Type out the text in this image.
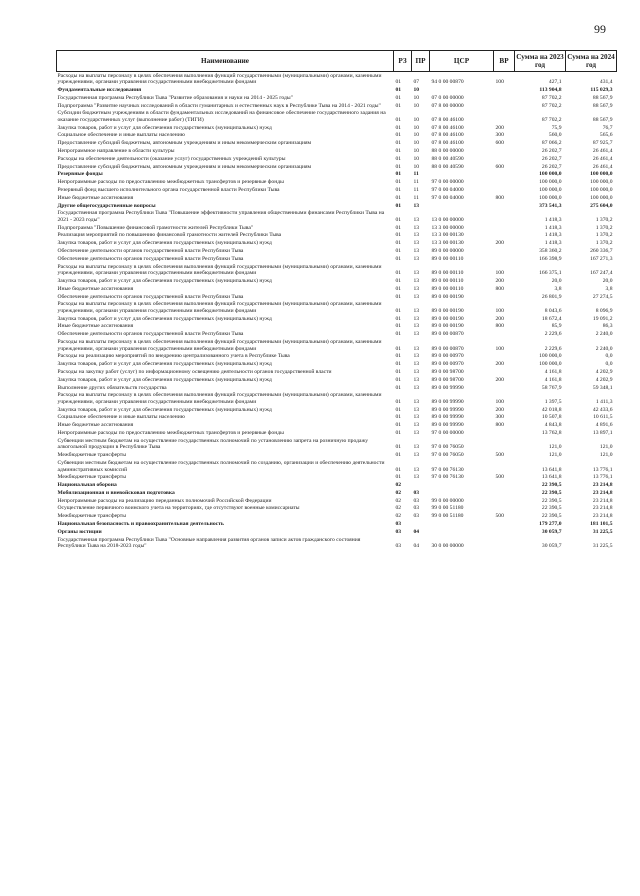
99
Наименование	РЗ	ПР	ЦСР	ВР	Сумма на 2023 год	Сумма на 2024 год
Расходы на выплаты персоналу в целях обеспечения выполнения функций государственными (муниципальными) органами, казенными учреждениями, органами управления государственными внебюджетными фондами	01	07	94 0 00 00870	100	427,1	431,4
Фундаментальные исследования	01	10			113 904,8	115 029,3
Государственная программа Республики Тыва "Развитие образования и науки на 2014 - 2025 годы"	01	10	07 0 00 00000		87 702,2	88 567,9
Подпрограмма "Развитие научных исследований в области гуманитарных и естественных наук в Республике Тыва на 2014 - 2021 годы"	01	10	07 8 00 00000		87 702,2	88 567,9
Субсидии бюджетным учреждениям в области фундаментальных исследований на финансовое обеспечение государственного задания на оказание государственных услуг (выполнение работ) (ТИГИ)	01	10	07 8 00 46100		87 702,2	88 567,9
Закупка товаров, работ и услуг для обеспечения государственных (муниципальных) нужд	01	10	07 8 00 46100	200	75,9	76,7
Социальное обеспечение и иные выплаты населению	01	10	07 8 00 46100	300	560,0	565,6
Предоставление субсидий бюджетным, автономным учреждениям и иным некоммерческим организациям	01	10	07 8 00 46100	600	87 066,2	87 925,7
Непрограммное направление в области культуры	01	10	88 0 00 00000		26 202,7	26 461,4
Расходы на обеспечение деятельности (оказание услуг) государственных учреждений культуры	01	10	88 0 00 40590		26 202,7	26 461,4
Предоставление субсидий бюджетным, автономным учреждениям и иным некоммерческим организациям	01	10	88 0 00 40590	600	26 202,7	26 461,4
Резервные фонды	01	11			100 000,0	100 000,0
Непрограммные расходы по предоставлению межбюджетных трансфертов и резервные фонды	01	11	97 0 00 00000		100 000,0	100 000,0
Резервный фонд высшего исполнительного органа государственной власти Республики Тыва	01	11	97 0 00 04000		100 000,0	100 000,0
Иные бюджетные ассигнования	01	11	97 0 00 04000	800	100 000,0	100 000,0
Другие общегосударственные вопросы	01	13			373 541,3	275 604,0
Государственная программа Республики Тыва "Повышение эффективности управления общественными финансами Республики Тыва на 2021 - 2023 годы"	01	13	13 0 00 00000		1 418,3	1 370,2
Подпрограмма "Повышение финансовой грамотности жителей Республики Тыва"	01	13	13 3 00 00000		1 418,3	1 370,2
Реализация мероприятий по повышению финансовой грамотности жителей Республики Тыва	01	13	13 3 00 00130		1 418,3	1 370,2
Закупка товаров, работ и услуг для обеспечения государственных (муниципальных) нужд	01	13	13 3 00 00130	200	1 418,3	1 370,2
Обеспечение деятельности органов государственной власти Республики Тыва	01	13	89 0 00 00000		358 360,2	260 336,7
Обеспечение деятельности органов государственной власти Республики Тыва	01	13	89 0 00 00110		166 398,9	167 271,3
Расходы на выплаты персоналу в целях обеспечения выполнения функций государственными (муниципальными) органами, казенными учреждениями, органами управления государственными внебюджетными фондами	01	13	89 0 00 00110	100	166 375,1	167 247,4
Закупка товаров, работ и услуг для обеспечения государственных (муниципальных) нужд	01	13	89 0 00 00110	200	20,0	20,0
Иные бюджетные ассигнования	01	13	89 0 00 00110	800	3,8	3,8
Обеспечение деятельности органов государственной власти Республики Тыва	01	13	89 0 00 00190		26 801,9	27 274,5
Расходы на выплаты персоналу в целях обеспечения выполнения функций государственными (муниципальными) органами, казенными учреждениями, органами управления государственными внебюджетными фондами	01	13	89 0 00 00190	100	8 043,6	8 096,9
Закупка товаров, работ и услуг для обеспечения государственных (муниципальных) нужд	01	13	89 0 00 00190	200	18 672,4	19 091,2
Иные бюджетные ассигнования	01	13	89 0 00 00190	800	85,9	86,3
Обеспечение деятельности органов государственной власти Республики Тыва	01	13	89 0 00 00870		2 229,6	2 240,0
Расходы на выплаты персоналу в целях обеспечения выполнения функций государственными (муниципальными) органами, казенными учреждениями, органами управления государственными внебюджетными фондами	01	13	89 0 00 00870	100	2 229,6	2 240,0
Расходы на реализацию мероприятий по внедрению централизованного учета в Республике Тыва	01	13	89 0 00 00970		100 000,0	0,0
Закупка товаров, работ и услуг для обеспечения государственных (муниципальных) нужд	01	13	89 0 00 00970	200	100 000,0	0,0
Расходы на закупку работ (услуг) по информационному освещению деятельности органов государственной власти	01	13	89 0 00 98700		4 161,8	4 202,9
Закупка товаров, работ и услуг для обеспечения государственных (муниципальных) нужд	01	13	89 0 00 98700	200	4 161,8	4 202,9
Выполнение других обязательств государства	01	13	89 0 00 99990		58 767,9	59 348,1
Расходы на выплаты персоналу в целях обеспечения выполнения функций государственными (муниципальными) органами, казенными учреждениями, органами управления государственными внебюджетными фондами	01	13	89 0 00 99990	100	1 397,5	1 411,3
Закупка товаров, работ и услуг для обеспечения государственных (муниципальных) нужд	01	13	89 0 00 99990	200	42 018,8	42 433,6
Социальное обеспечение и иные выплаты населению	01	13	89 0 00 99990	300	10 507,8	10 611,5
Иные бюджетные ассигнования	01	13	89 0 00 99990	800	4 843,8	4 891,6
Непрограммные расходы по предоставлению межбюджетных трансфертов и резервные фонды	01	13	97 0 00 00000		13 762,8	13 897,1
Субвенции местным бюджетам на осуществление государственных полномочий по установлению запрета на розничную продажу алкогольной продукции в Республике Тыва	01	13	97 0 00 76050		121,0	121,0
Межбюджетные трансферты	01	13	97 0 00 76050	500	121,0	121,0
Субвенции местным бюджетам на осуществление государственных полномочий по созданию, организации и обеспечению деятельности административных комиссий	01	13	97 0 00 76130		13 641,8	13 776,1
Межбюджетные трансферты	01	13	97 0 00 76130	500	13 641,8	13 776,1
Национальная оборона	02				22 390,5	23 214,8
Мобилизационная и вневойсковая подготовка	02	03			22 390,5	23 214,8
Непрограммные расходы на реализацию переданных полномочий Российской Федерации	02	03	99 0 00 00000		22 390,5	23 214,8
Осуществление первичного воинского учета на территориях, где отсутствуют военные комиссариаты	02	03	99 0 00 51180		22 390,5	23 214,8
Межбюджетные трансферты	02	03	99 0 00 51180	500	22 390,5	23 214,8
Национальная безопасность и правоохранительная деятельность	03				179 277,0	181 101,5
Органы юстиции	03	04			30 059,7	31 225,5
Государственная программа Республики Тыва "Основные направления развития органов записи актов гражданского состояния Республики Тыва на 2018-2023 годы"	03	04	30 0 00 00000		30 059,7	31 225,5
